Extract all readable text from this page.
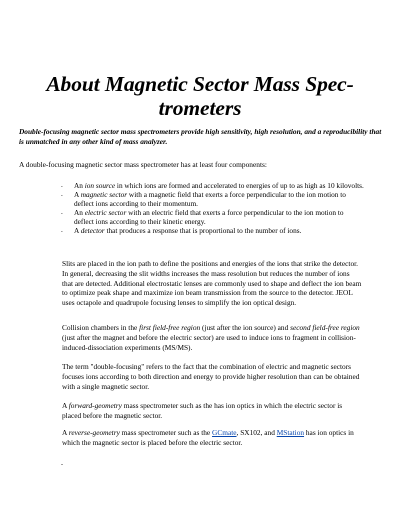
About Magnetic Sector Mass Spec-trometers

Double-focusing magnetic sector mass spectrometers provide high sensitivity, high resolution, and a reproducibility that is unmatched in any other kind of mass analyzer.

A double-focusing magnetic sector mass spectrometer has at least four components:

. An ion source in which ions are formed and accelerated to energies of up to as high as 10 kilovolts.
. A magnetic sector with a magnetic field that exerts a force perpendicular to the ion motion to deflect ions according to their momentum.
. An electric sector with an electric field that exerts a force perpendicular to the ion motion to deflect ions according to their kinetic energy.
. A detector that produces a response that is proportional to the number of ions.

Slits are placed in the ion path to define the positions and energies of the ions that strike the detector. In general, decreasing the slit widths increases the mass resolution but reduces the number of ions that are detected. Additional electrostatic lenses are commonly used to shape and deflect the ion beam to optimize peak shape and maximize ion beam transmission from the source to the detector. JEOL uses octapole and quadrupole focusing lenses to simplify the ion optical design.

Collision chambers in the first field-free region (just after the ion source) and second field-free region (just after the magnet and before the electric sector) are used to induce ions to fragment in collision-induced-dissociation experiments (MS/MS).

The term "double-focusing" refers to the fact that the combination of electric and magnetic sectors focuses ions according to both direction and energy to provide higher resolution than can be obtained with a single magnetic sector.

A forward-geometry mass spectrometer such as the has ion optics in which the electric sector is placed before the magnetic sector.

A reverse-geometry mass spectrometer such as the GCmate, SX102, and MStation has ion optics in which the magnetic sector is placed before the electric sector.

.
